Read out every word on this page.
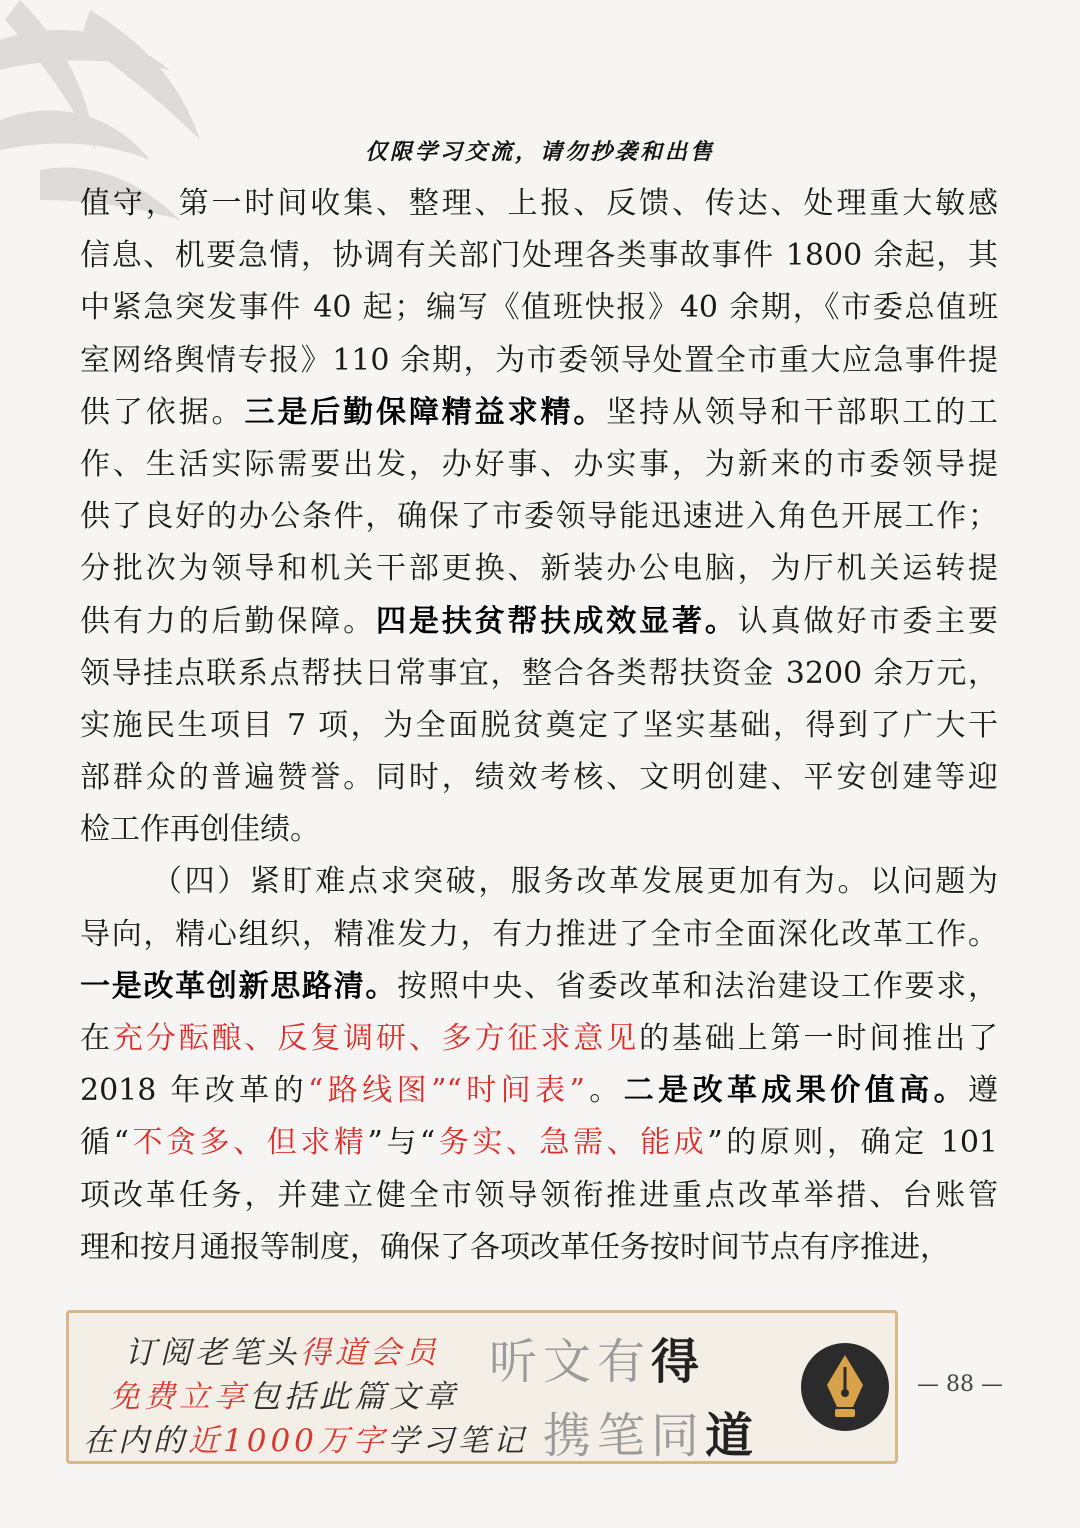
仅限学习交流，请勿抄袭和出售
值守，第一时间收集、整理、上报、反馈、传达、处理重大敏感
信息、机要急情，协调有关部门处理各类事故事件 1800 余起，其
中紧急突发事件 40 起；编写《值班快报》40 余期，《市委总值班
室网络舆情专报》110 余期，为市委领导处置全市重大应急事件提
供了依据。三是后勤保障精益求精。坚持从领导和干部职工的工
作、生活实际需要出发，办好事、办实事，为新来的市委领导提
供了良好的办公条件，确保了市委领导能迅速进入角色开展工作；
分批次为领导和机关干部更换、新装办公电脑，为厅机关运转提
供有力的后勤保障。四是扶贫帮扶成效显著。认真做好市委主要
领导挂点联系点帮扶日常事宜，整合各类帮扶资金 3200 余万元，
实施民生项目 7 项，为全面脱贫奠定了坚实基础，得到了广大干
部群众的普遍赞誉。同时，绩效考核、文明创建、平安创建等迎
检工作再创佳绩。
（四）紧盯难点求突破，服务改革发展更加有为。以问题为
导向，精心组织，精准发力，有力推进了全市全面深化改革工作。
一是改革创新思路清。按照中央、省委改革和法治建设工作要求，
在充分酝酿、反复调研、多方征求意见的基础上第一时间推出了
2018 年改革的“路线图”“时间表”。二是改革成果价值高。遵
循“不贪多、但求精”与“务实、急需、能成”的原则，确定 101
项改革任务，并建立健全市领导领衔推进重点改革举措、台账管
理和按月通报等制度，确保了各项改革任务按时间节点有序推进，
订阅老笔头得道会员
免费立享包括此篇文章
在内的近1000万字学习笔记
听文有得
携笔同道
— 88 —
